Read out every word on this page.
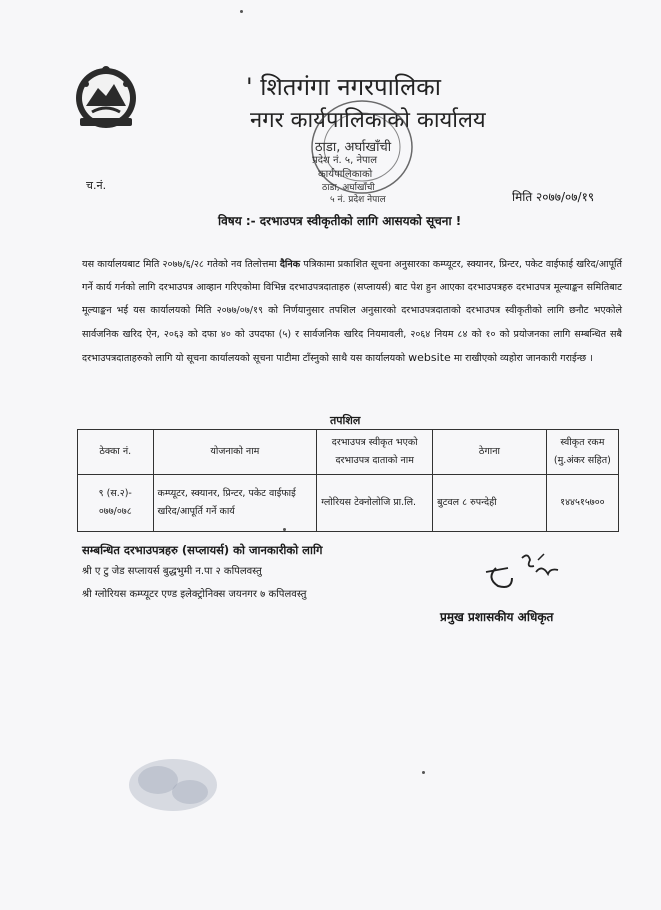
' शितगंगा नगरपालिका
नगर कार्यपालिकाको कार्यालय
ठाडा, अर्घाखाँची
प्रदेश नं. ५, नेपाल
कार्यपालिकाको
ठाडा, अर्घाखाँची
५ नं. प्रदेश नेपाल
च.नं.
मिति २०७७/०७/१९
विषय :- दरभाउपत्र स्वीकृतीको लागि आसयको सूचना !
यस कार्यालयबाट मिति २०७७/६/२८ गतेको नव तिलोत्तमा दैनिक पत्रिकामा प्रकाशित सूचना अनुसारका कम्प्यूटर, स्क्यानर, प्रिन्टर, पकेट वाईफाई खरिद/आपूर्ति गर्ने कार्य गर्नको लागि दरभाउपत्र आव्हान गरिएकोमा विभिन्न दरभाउपत्रदाताहरु (सप्लायर्स) बाट पेश हुन आएका दरभाउपत्रहरु दरभाउपत्र मूल्याङ्कन समितिबाट मूल्याङ्कन भई यस कार्यालयको मिति २०७७/०७/१९ को निर्णयानुसार तपशिल अनुसारको दरभाउपत्रदाताको दरभाउपत्र स्वीकृतीको लागि छनौट भएकोले सार्वजनिक खरिद ऐन, २०६३ को दफा ४० को उपदफा (५) र सार्वजनिक खरिद नियमावली, २०६४ नियम ८४ को १० को प्रयोजनका लागि सम्बन्धित सबै दरभाउपत्रदाताहरुको लागि यो सूचना कार्यालयको सूचना पाटीमा टाँस्नुको साथै यस कार्यालयको website मा राखीएको व्यहोरा जानकारी गराईन्छ ।
तपशिल
ठेक्का नं.	योजनाको नाम	दरभाउपत्र स्वीकृत भएको दरभाउपत्र दाताको नाम	ठेगाना	स्वीकृत रकम (मु.अंकर सहित)
९ (स.२)- ०७७/०७८	कम्प्यूटर, स्क्यानर, प्रिन्टर, पकेट वाईफाई खरिद/आपूर्ति गर्ने कार्य	ग्लोरियस टेक्नोलोजि प्रा.लि.	बुटवल ८ रुपन्देही	१४४५१५७००
सम्बन्धित दरभाउपत्रहरु (सप्लायर्स) को जानकारीको लागि
श्री ए टु जेड सप्लायर्स बुद्धभुमी न.पा २ कपिलवस्तु
श्री ग्लोरियस कम्प्यूटर एण्ड इलेक्ट्रोनिक्स जयनगर ७ कपिलवस्तु
प्रमुख प्रशासकीय अधिकृत
